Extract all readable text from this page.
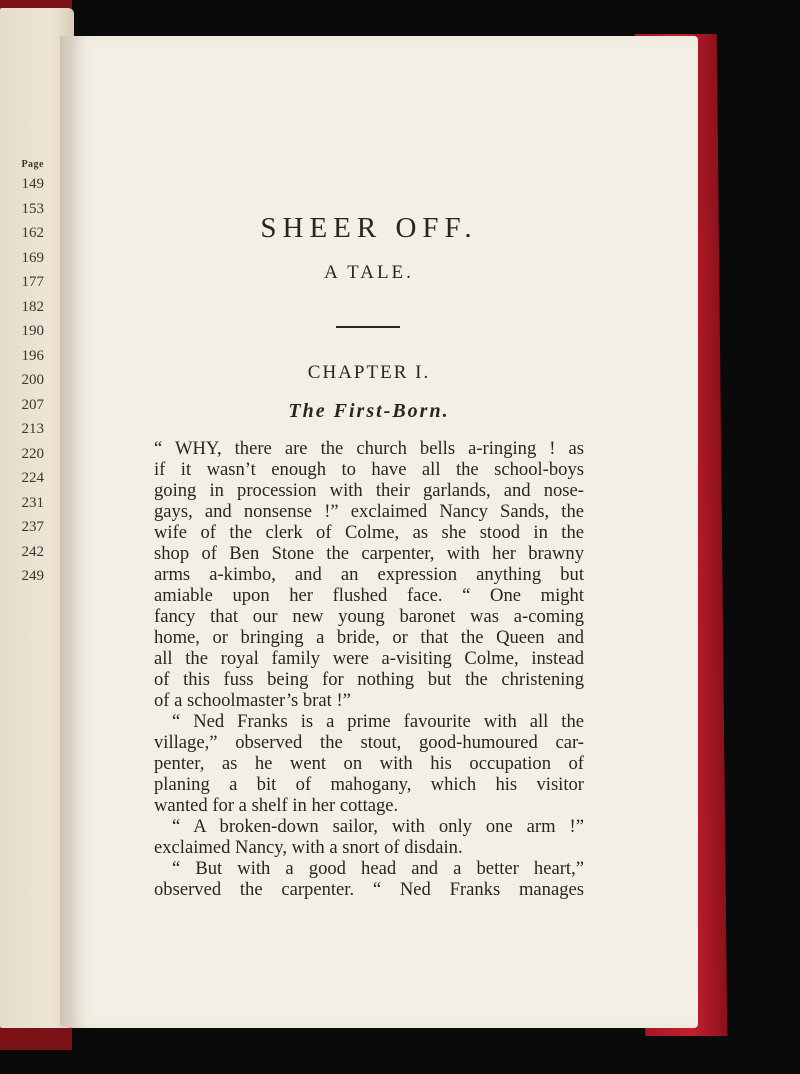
Page
149
153
162
169
177
182
190
196
200
207
213
220
224
231
237
242
249
SHEER OFF.
A TALE.
CHAPTER I.
The First-Born.
“ WHY, there are the church bells a-ringing ! as
if it wasn’t enough to have all the school-boys
going in procession with their garlands, and nose-
gays, and nonsense !” exclaimed Nancy Sands, the
wife of the clerk of Colme, as she stood in the
shop of Ben Stone the carpenter, with her brawny
arms a-kimbo, and an expression anything but
amiable upon her flushed face. “ One might
fancy that our new young baronet was a-coming
home, or bringing a bride, or that the Queen and
all the royal family were a-visiting Colme, instead
of this fuss being for nothing but the christening
of a schoolmaster’s brat !”
“ Ned Franks is a prime favourite with all the
village,” observed the stout, good-humoured car-
penter, as he went on with his occupation of
planing a bit of mahogany, which his visitor
wanted for a shelf in her cottage.
“ A broken-down sailor, with only one arm !”
exclaimed Nancy, with a snort of disdain.
“ But with a good head and a better heart,”
observed the carpenter. “ Ned Franks manages
